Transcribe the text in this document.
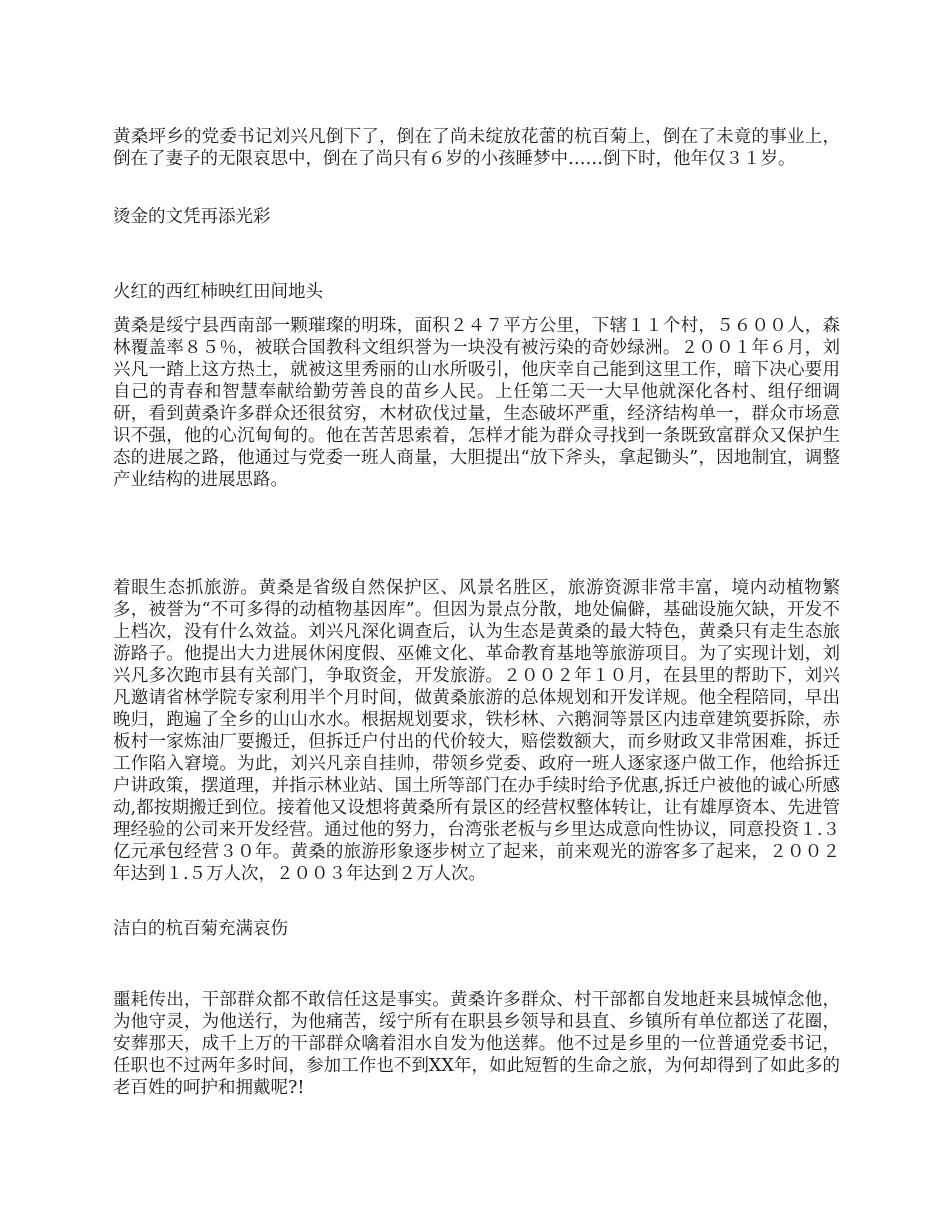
黄桑坪乡的党委书记刘兴凡倒下了，倒在了尚未绽放花蕾的杭百菊上，倒在了未竟的事业上，倒在了妻子的无限哀思中，倒在了尚只有６岁的小孩睡梦中……倒下时，他年仅３１岁。

烫金的文凭再添光彩

火红的西红柿映红田间地头

黄桑是绥宁县西南部一颗璀璨的明珠，面积２４７平方公里，下辖１１个村，５６００人，森林覆盖率８５％，被联合国教科文组织誉为一块没有被污染的奇妙绿洲。２００１年６月，刘兴凡一踏上这方热土，就被这里秀丽的山水所吸引，他庆幸自己能到这里工作，暗下决心要用自己的青春和智慧奉献给勤劳善良的苗乡人民。上任第二天一大早他就深化各村、组仔细调研，看到黄桑许多群众还很贫穷，木材砍伐过量，生态破坏严重，经济结构单一，群众市场意识不强，他的心沉甸甸的。他在苦苦思索着，怎样才能为群众寻找到一条既致富群众又保护生态的进展之路，他通过与党委一班人商量，大胆提出“放下斧头，拿起锄头”，因地制宜，调整产业结构的进展思路。

着眼生态抓旅游。黄桑是省级自然保护区、风景名胜区，旅游资源非常丰富，境内动植物繁多，被誉为“不可多得的动植物基因库”。但因为景点分散，地处偏僻，基础设施欠缺，开发不上档次，没有什么效益。刘兴凡深化调查后，认为生态是黄桑的最大特色，黄桑只有走生态旅游路子。他提出大力进展休闲度假、巫傩文化、革命教育基地等旅游项目。为了实现计划，刘兴凡多次跑市县有关部门，争取资金，开发旅游。２００２年１０月，在县里的帮助下，刘兴凡邀请省林学院专家利用半个月时间，做黄桑旅游的总体规划和开发详规。他全程陪同，早出晚归，跑遍了全乡的山山水水。根据规划要求，铁杉林、六鹅洞等景区内违章建筑要拆除，赤板村一家炼油厂要搬迁，但拆迁户付出的代价较大，赔偿数额大，而乡财政又非常困难，拆迁工作陷入窘境。为此，刘兴凡亲自挂帅，带领乡党委、政府一班人逐家逐户做工作，他给拆迁户讲政策，摆道理，并指示林业站、国土所等部门在办手续时给予优惠,拆迁户被他的诚心所感动,都按期搬迁到位。接着他又设想将黄桑所有景区的经营权整体转让，让有雄厚资本、先进管理经验的公司来开发经营。通过他的努力，台湾张老板与乡里达成意向性协议，同意投资１.３亿元承包经营３０年。黄桑的旅游形象逐步树立了起来，前来观光的游客多了起来，２００２年达到１.５万人次，２００３年达到２万人次。

洁白的杭百菊充满哀伤

噩耗传出，干部群众都不敢信任这是事实。黄桑许多群众、村干部都自发地赶来县城悼念他，为他守灵，为他送行，为他痛苦，绥宁所有在职县乡领导和县直、乡镇所有单位都送了花圈，安葬那天，成千上万的干部群众噙着泪水自发为他送葬。他不过是乡里的一位普通党委书记，任职也不过两年多时间，参加工作也不到XX年，如此短暂的生命之旅，为何却得到了如此多的老百姓的呵护和拥戴呢?!
